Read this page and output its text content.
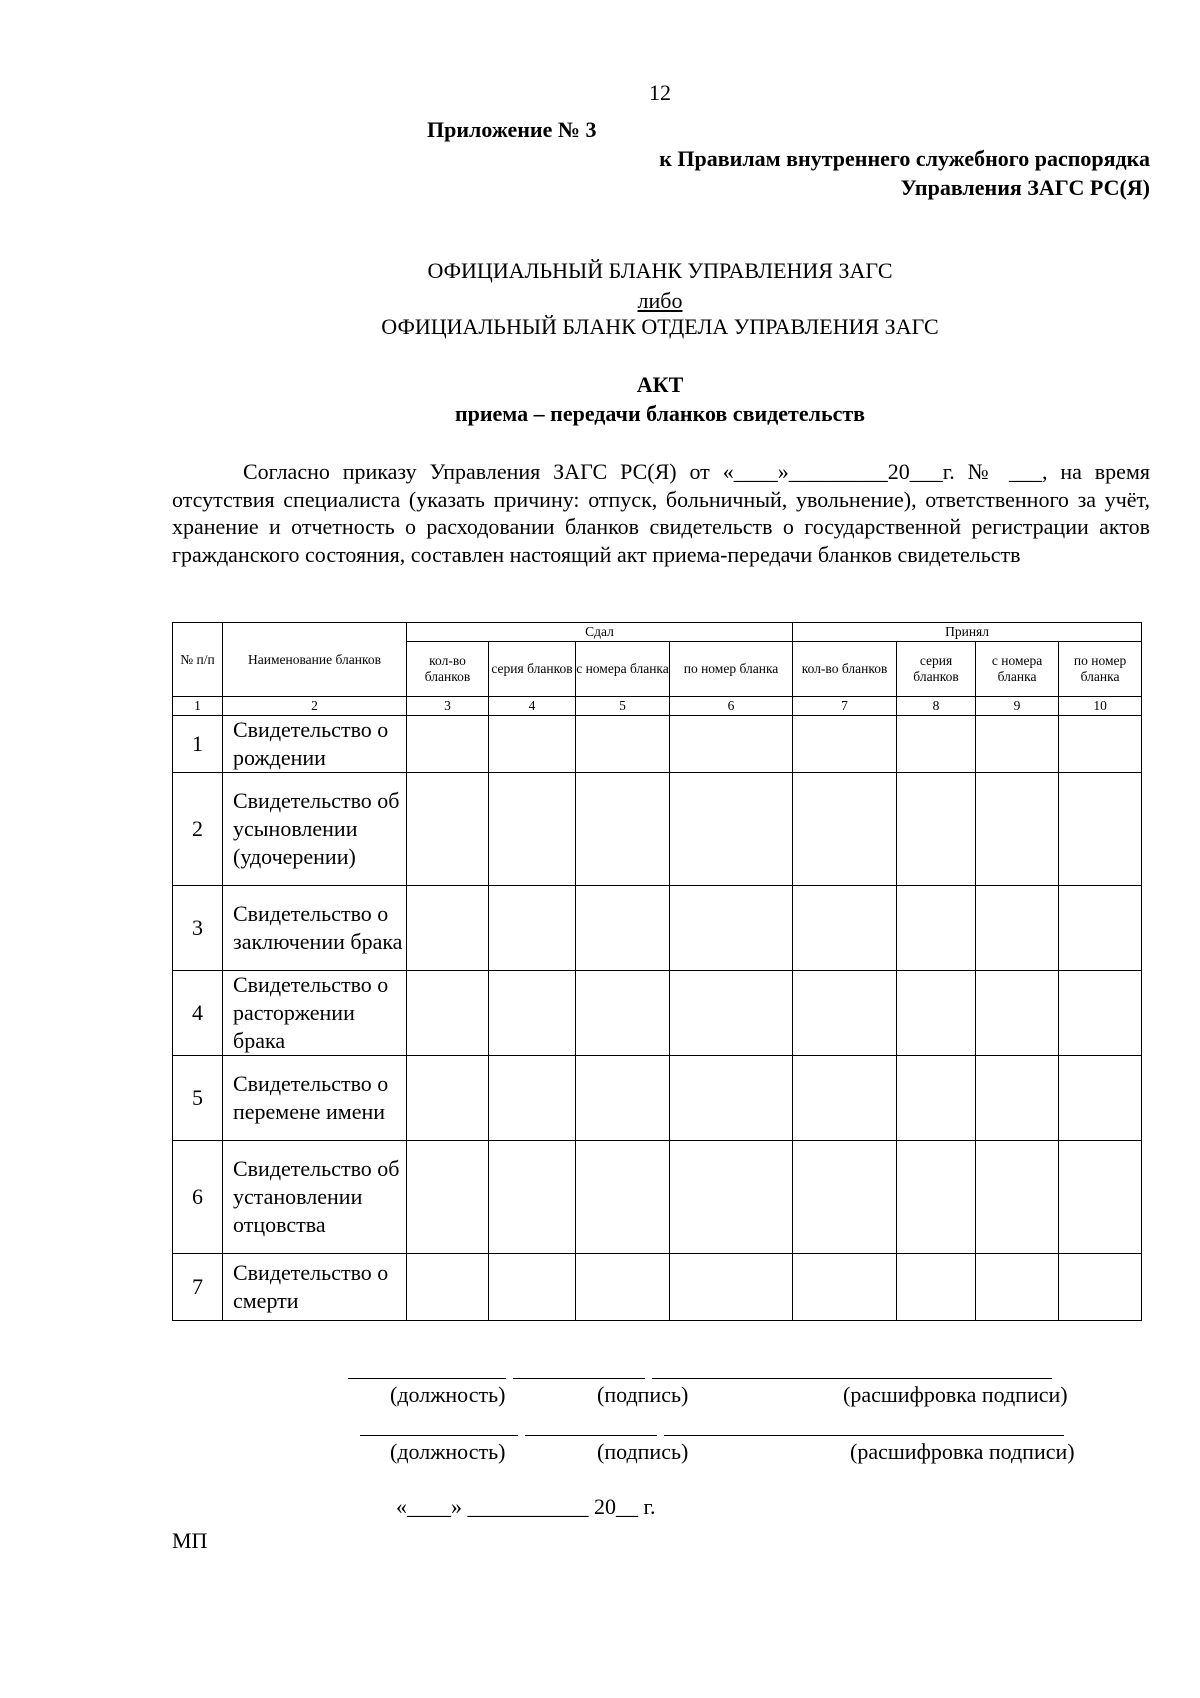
12
Приложение № 3
к Правилам внутреннего служебного распорядка
Управления ЗАГС РС(Я)
ОФИЦИАЛЬНЫЙ БЛАНК УПРАВЛЕНИЯ ЗАГС
либо
ОФИЦИАЛЬНЫЙ БЛАНК ОТДЕЛА УПРАВЛЕНИЯ ЗАГС
АКТ
приема – передачи бланков свидетельств
Согласно приказу Управления ЗАГС РС(Я) от «____»_________20___г. № ___, на время отсутствия специалиста (указать причину: отпуск, больничный, увольнение), ответственного за учёт, хранение и отчетность о расходовании бланков свидетельств о государственной регистрации актов гражданского состояния, составлен настоящий акт приема-передачи бланков свидетельств
№ п/п	Наименование бланков	Сдал				Принял			
		кол-во бланков	серия бланков	с номера бланка	по номер бланка	кол-во бланков	серия бланков	с номера бланка	по номер бланка
1	2	3	4	5	6	7	8	9	10
1	Свидетельство о рождении								
2	Свидетельство об усыновлении (удочерении)								
3	Свидетельство о заключении брака								
4	Свидетельство о расторжении брака								
5	Свидетельство о перемене имени								
6	Свидетельство об установлении отцовства								
7	Свидетельство о смерти								
(должность)	(подпись)	(расшифровка подписи)
(должность)	(подпись)	(расшифровка подписи)
«____» ___________ 20__ г.
МП
